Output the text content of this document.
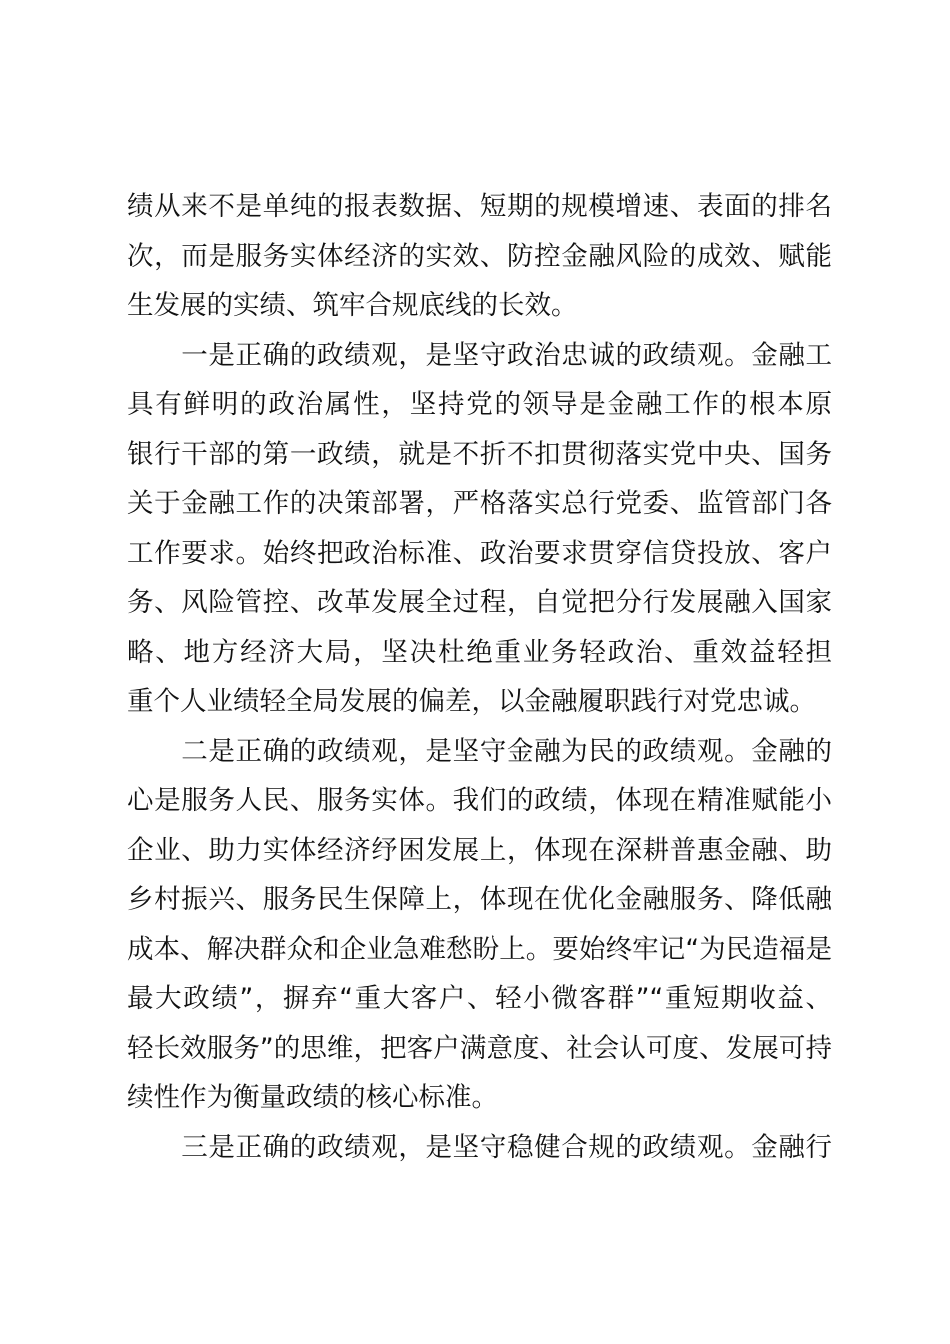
绩从来不是单纯的报表数据、短期的规模增速、表面的排名
次，而是服务实体经济的实效、防控金融风险的成效、赋能
生发展的实绩、筑牢合规底线的长效。
　　一是正确的政绩观，是坚守政治忠诚的政绩观。金融工
具有鲜明的政治属性，坚持党的领导是金融工作的根本原
银行干部的第一政绩，就是不折不扣贯彻落实党中央、国务
关于金融工作的决策部署，严格落实总行党委、监管部门各
工作要求。始终把政治标准、政治要求贯穿信贷投放、客户
务、风险管控、改革发展全过程，自觉把分行发展融入国家
略、地方经济大局，坚决杜绝重业务轻政治、重效益轻担
重个人业绩轻全局发展的偏差，以金融履职践行对党忠诚。
　　二是正确的政绩观，是坚守金融为民的政绩观。金融的
心是服务人民、服务实体。我们的政绩，体现在精准赋能小
企业、助力实体经济纾困发展上，体现在深耕普惠金融、助
乡村振兴、服务民生保障上，体现在优化金融服务、降低融
成本、解决群众和企业急难愁盼上。要始终牢记“为民造福是
最大政绩”，摒弃“重大客户、轻小微客群”“重短期收益、
轻长效服务”的思维，把客户满意度、社会认可度、发展可持
续性作为衡量政绩的核心标准。
　　三是正确的政绩观，是坚守稳健合规的政绩观。金融行
